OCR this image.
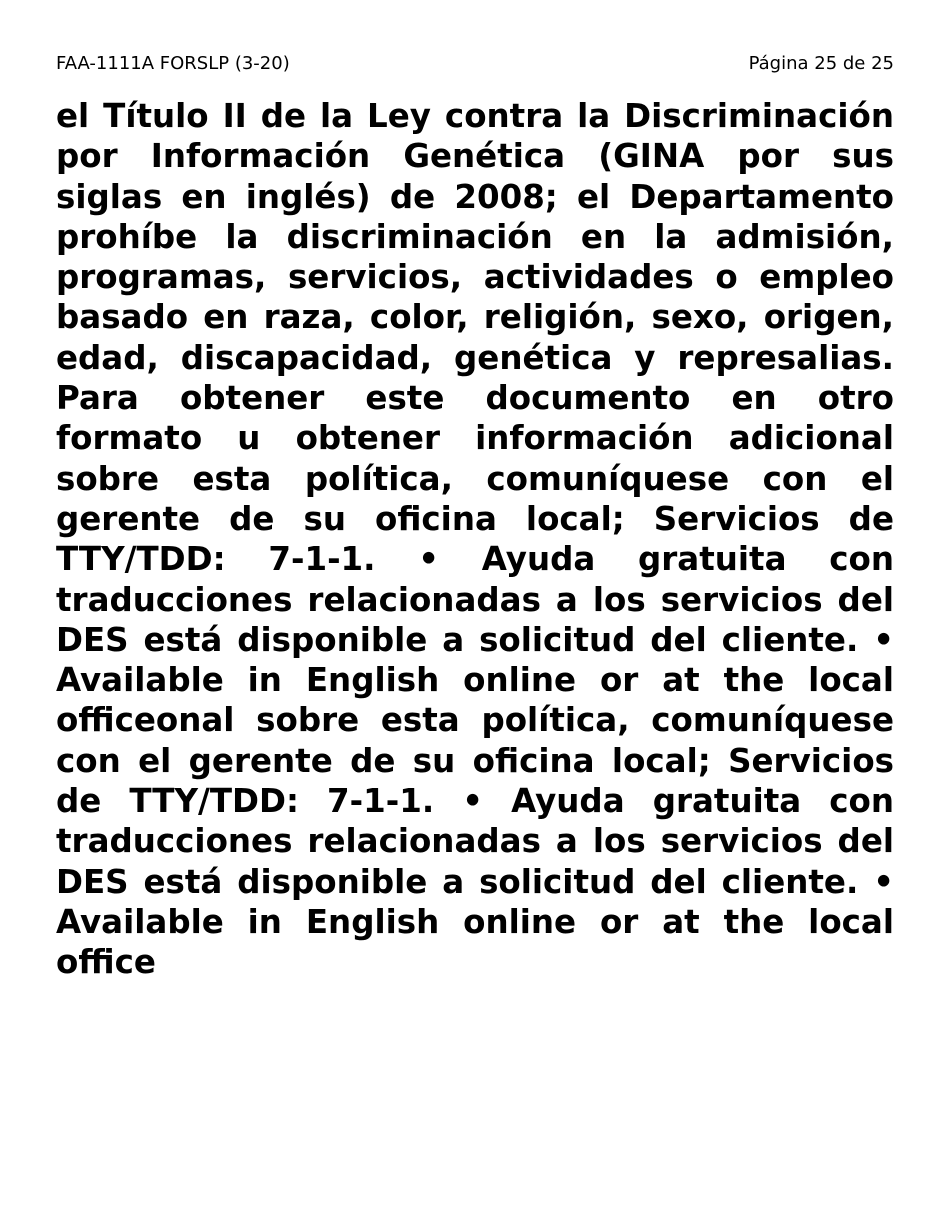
FAA-1111A FORSLP (3-20)	Página 25 de 25

el Título II de la Ley contra la Discriminación por Información Genética (GINA por sus siglas en inglés) de 2008; el Departamento prohíbe la discriminación en la admisión, programas, servicios, actividades o empleo basado en raza, color, religión, sexo, origen, edad, discapacidad, genética y represalias. Para obtener este documento en otro formato u obtener información adicional sobre esta política, comuníquese con el gerente de su oficina local; Servicios de TTY/TDD: 7-1-1. • Ayuda gratuita con traducciones relacionadas a los servicios del DES está disponible a solicitud del cliente. • Available in English online or at the local officeonal sobre esta política, comuníquese con el gerente de su oficina local; Servicios de TTY/TDD: 7-1-1. • Ayuda gratuita con traducciones relacionadas a los servicios del DES está disponible a solicitud del cliente. • Available in English online or at the local office
